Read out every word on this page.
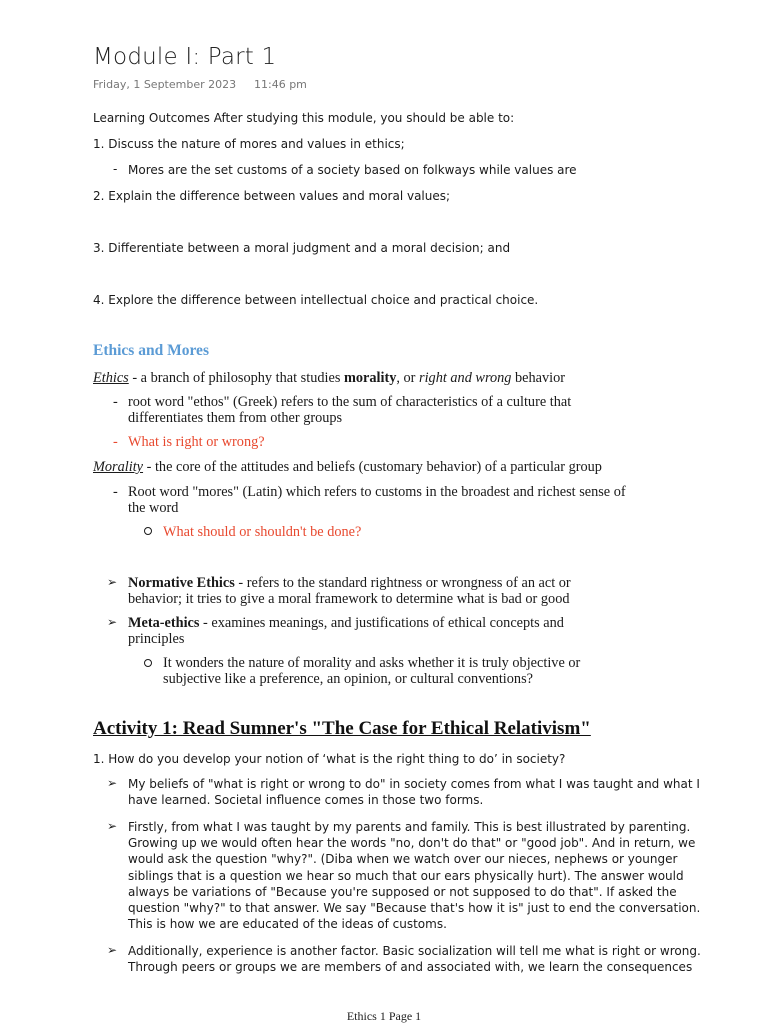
Module I: Part 1
Friday, 1 September 2023 11:46 pm
Learning Outcomes After studying this module, you should be able to:
1. Discuss the nature of mores and values in ethics;
- Mores are the set customs of a society based on folkways while values are
2. Explain the difference between values and moral values;
3. Differentiate between a moral judgment and a moral decision; and
4. Explore the difference between intellectual choice and practical choice.
Ethics and Mores
Ethics - a branch of philosophy that studies morality, or right and wrong behavior
- root word "ethos" (Greek) refers to the sum of characteristics of a culture that
differentiates them from other groups
- What is right or wrong?
Morality - the core of the attitudes and beliefs (customary behavior) of a particular group
- Root word "mores" (Latin) which refers to customs in the broadest and richest sense of
the word
What should or shouldn't be done?
➢ Normative Ethics - refers to the standard rightness or wrongness of an act or
behavior; it tries to give a moral framework to determine what is bad or good
➢ Meta-ethics - examines meanings, and justifications of ethical concepts and
principles
It wonders the nature of morality and asks whether it is truly objective or
subjective like a preference, an opinion, or cultural conventions?
Activity 1: Read Sumner's "The Case for Ethical Relativism"
1. How do you develop your notion of ‘what is the right thing to do’ in society?
➢ My beliefs of "what is right or wrong to do" in society comes from what I was taught and what I
have learned. Societal influence comes in those two forms.
➢ Firstly, from what I was taught by my parents and family. This is best illustrated by parenting.
Growing up we would often hear the words "no, don't do that" or "good job". And in return, we
would ask the question "why?". (Diba when we watch over our nieces, nephews or younger
siblings that is a question we hear so much that our ears physically hurt). The answer would
always be variations of "Because you're supposed or not supposed to do that". If asked the
question "why?" to that answer. We say "Because that's how it is" just to end the conversation.
This is how we are educated of the ideas of customs.
➢ Additionally, experience is another factor. Basic socialization will tell me what is right or wrong.
Through peers or groups we are members of and associated with, we learn the consequences
Ethics 1 Page 1
